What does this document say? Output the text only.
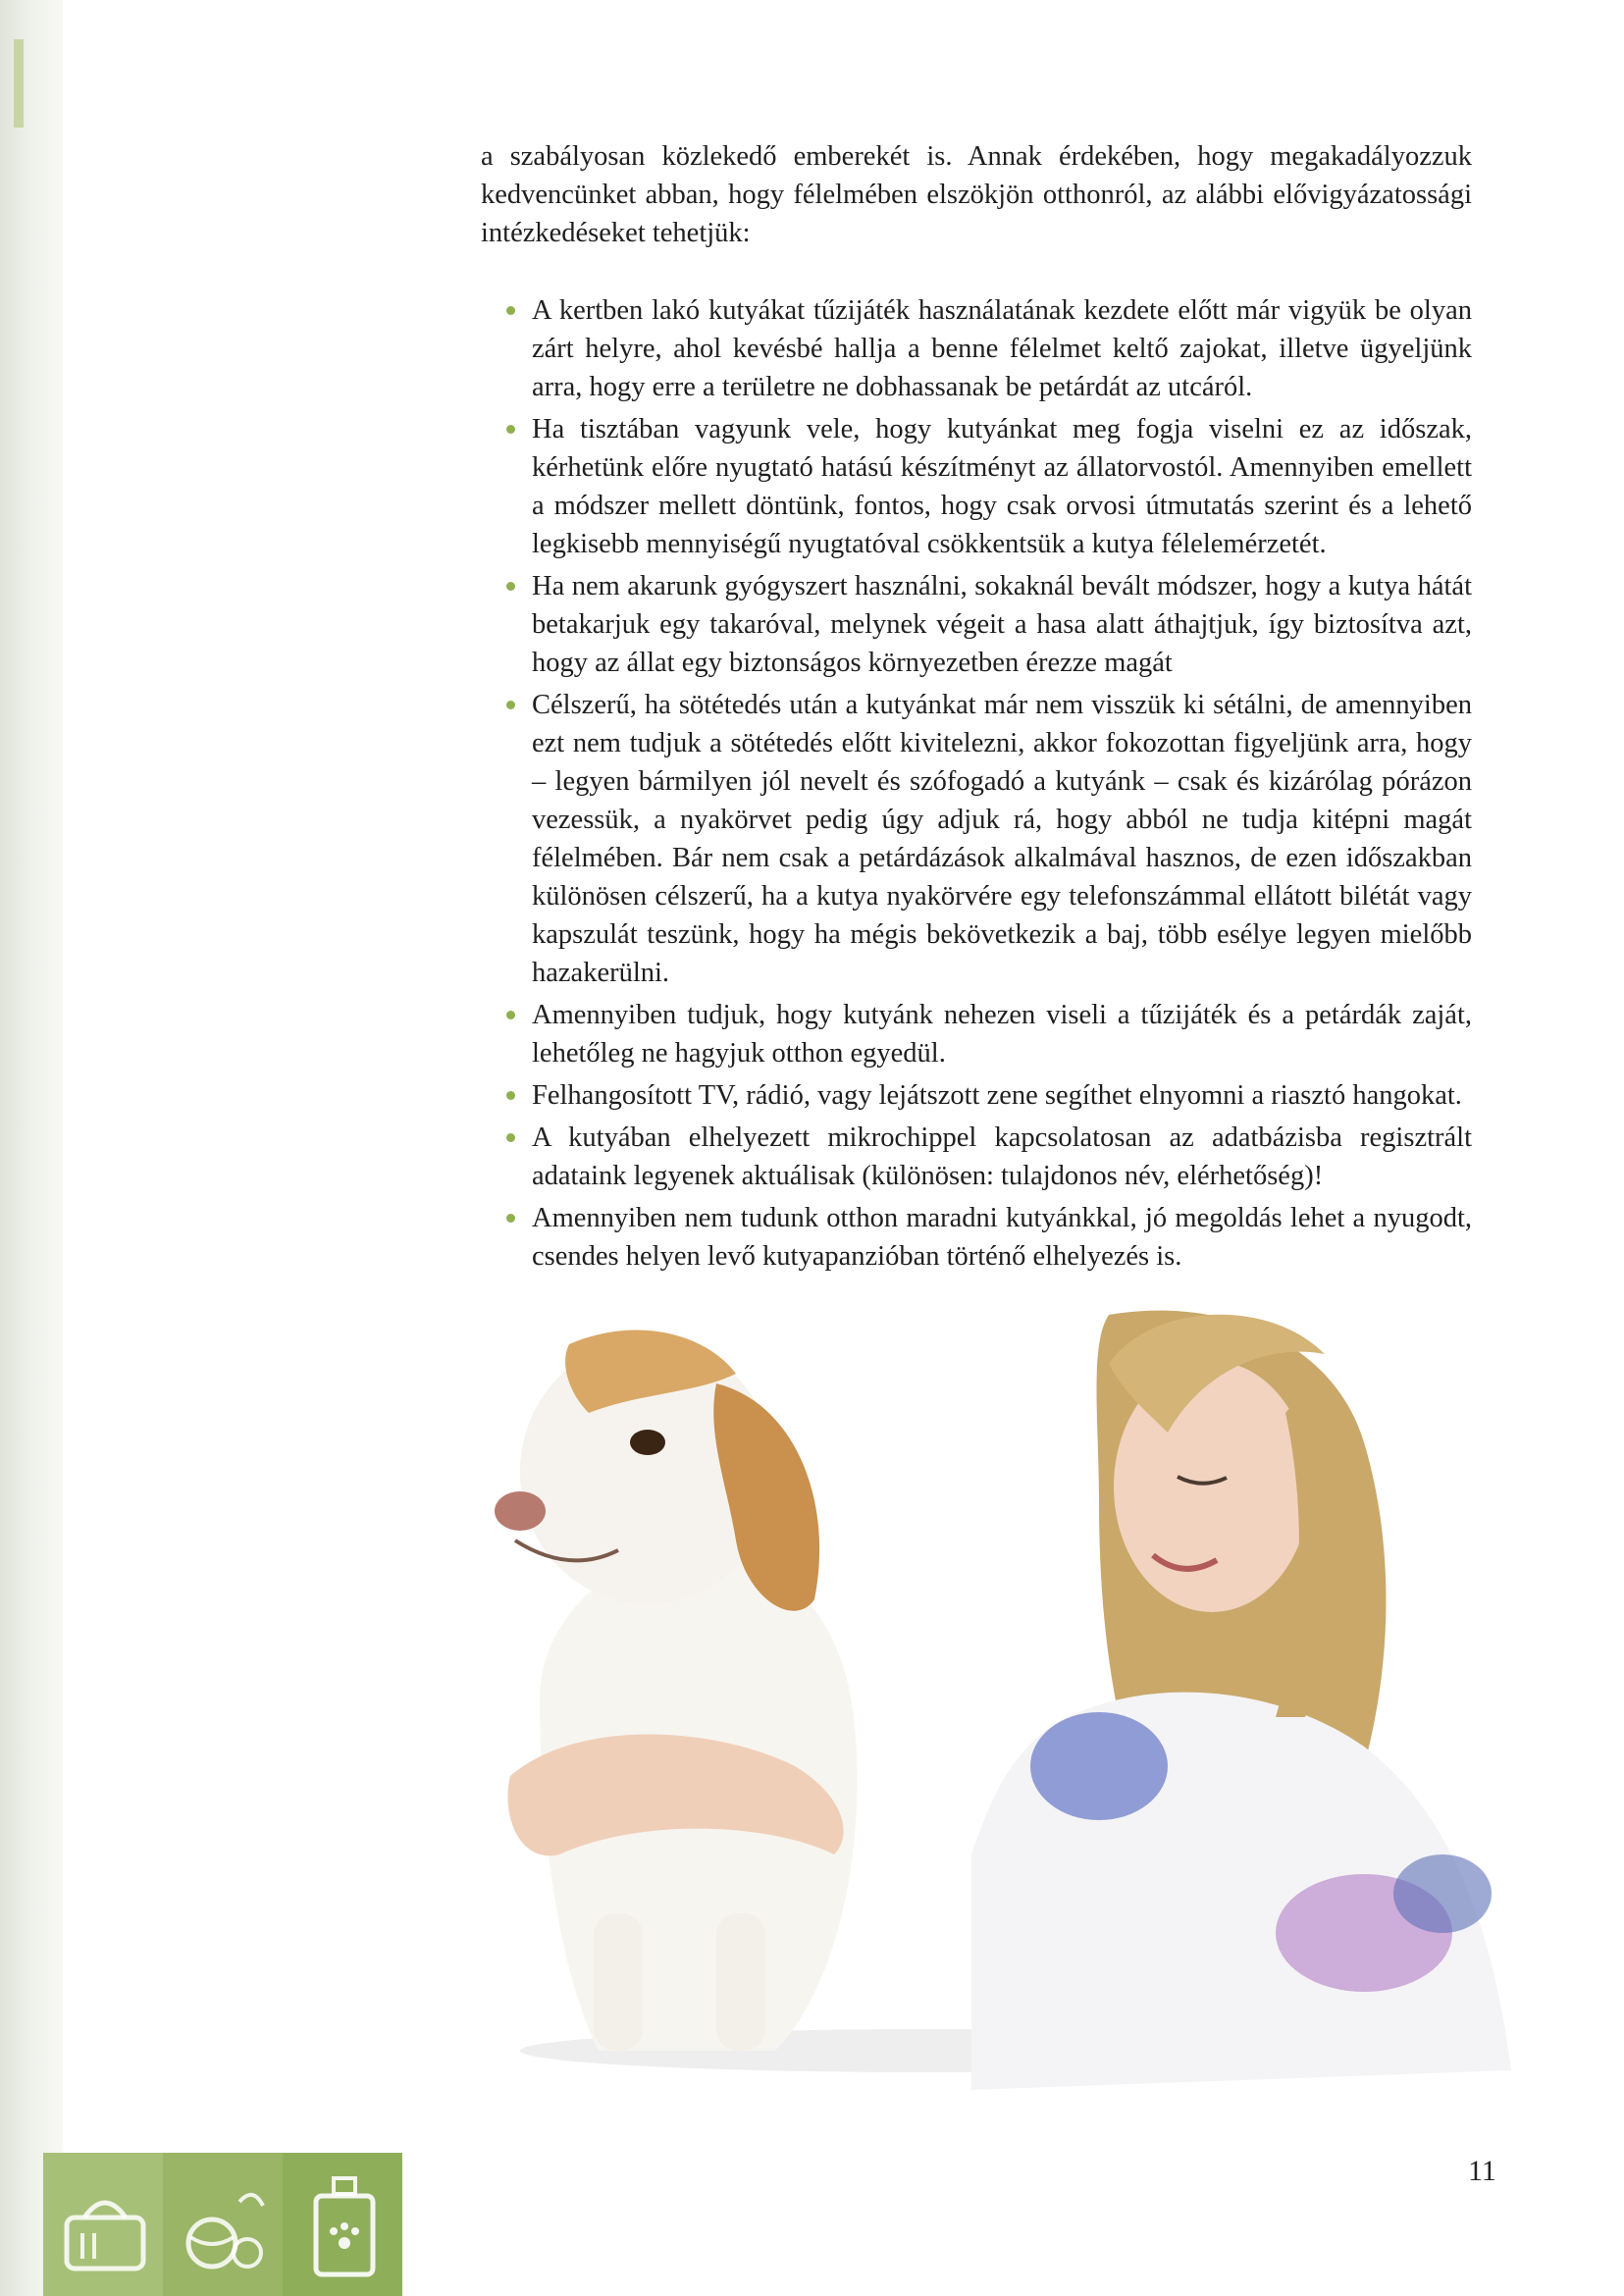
a szabályosan közlekedő emberekét is. Annak érdekében, hogy megakadályozzuk kedvencünket abban, hogy félelmében elszökjön otthonról, az alábbi elővigyázatossági intézkedéseket tehetjük:

A kertben lakó kutyákat tűzijáték használatának kezdete előtt már vigyük be olyan zárt helyre, ahol kevésbé hallja a benne félelmet keltő zajokat, illetve ügyeljünk arra, hogy erre a területre ne dobhassanak be petárdát az utcáról.
Ha tisztában vagyunk vele, hogy kutyánkat meg fogja viselni ez az időszak, kérhetünk előre nyugtató hatású készítményt az állatorvostól. Amennyiben emellett a módszer mellett döntünk, fontos, hogy csak orvosi útmutatás szerint és a lehető legkisebb mennyiségű nyugtatóval csökkentsük a kutya félelemérzetét.
Ha nem akarunk gyógyszert használni, sokaknál bevált módszer, hogy a kutya hátát betakarjuk egy takaróval, melynek végeit a hasa alatt áthajtjuk, így biztosítva azt, hogy az állat egy biztonságos környezetben érezze magát
Célszerű, ha sötétedés után a kutyánkat már nem visszük ki sétálni, de amennyiben ezt nem tudjuk a sötétedés előtt kivitelezni, akkor fokozottan figyeljünk arra, hogy – legyen bármilyen jól nevelt és szófogadó a kutyánk – csak és kizárólag pórázon vezessük, a nyakörvet pedig úgy adjuk rá, hogy abból ne tudja kitépni magát félelmében. Bár nem csak a petárdázások alkalmával hasznos, de ezen időszakban különösen célszerű, ha a kutya nyakörvére egy telefonszámmal ellátott bilétát vagy kapszulát teszünk, hogy ha mégis bekövetkezik a baj, több esélye legyen mielőbb hazakerülni.
Amennyiben tudjuk, hogy kutyánk nehezen viseli a tűzijáték és a petárdák zaját, lehetőleg ne hagyjuk otthon egyedül.
Felhangosított TV, rádió, vagy lejátszott zene segíthet elnyomni a riasztó hangokat.
A kutyában elhelyezett mikrochippel kapcsolatosan az adatbázisba regisztrált adataink legyenek aktuálisak (különösen: tulajdonos név, elérhetőség)!
Amennyiben nem tudunk otthon maradni kutyánkkal, jó megoldás lehet a nyugodt, csendes helyen levő kutyapanzióban történő elhelyezés is.
11
